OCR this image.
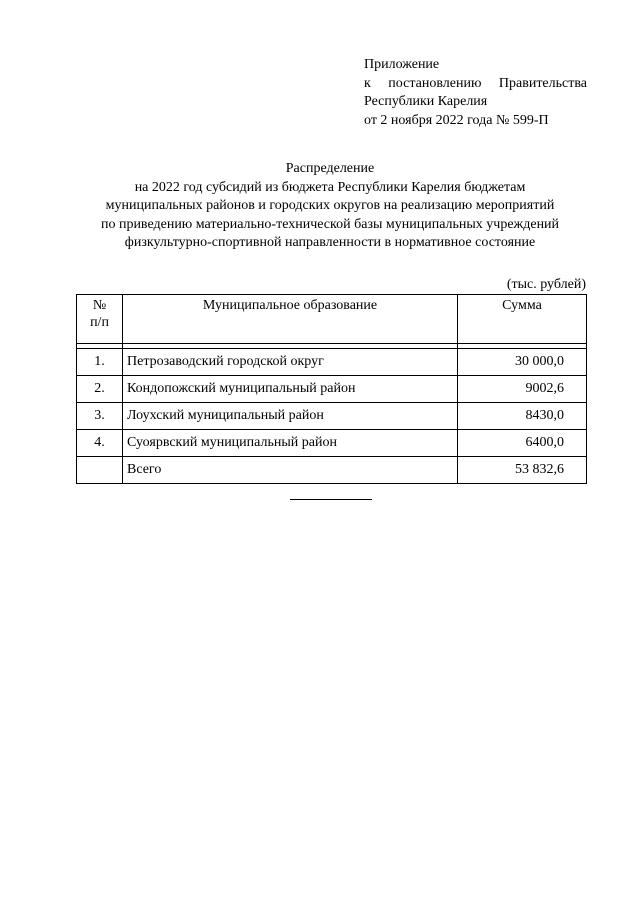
Приложение
к постановлению Правительства
Республики Карелия
от 2 ноября 2022 года № 599-П
Распределение
на 2022 год субсидий из бюджета Республики Карелия бюджетам
муниципальных районов и городских округов на реализацию мероприятий
по приведению материально-технической базы муниципальных учреждений
физкультурно-спортивной направленности в нормативное состояние
(тыс. рублей)
№
п/п	Муниципальное образование	Сумма

1.	Петрозаводский городской округ	30 000,0
2.	Кондопожский муниципальный район	9002,6
3.	Лоухский муниципальный район	8430,0
4.	Суоярвский муниципальный район	6400,0
	Всего	53 832,6
